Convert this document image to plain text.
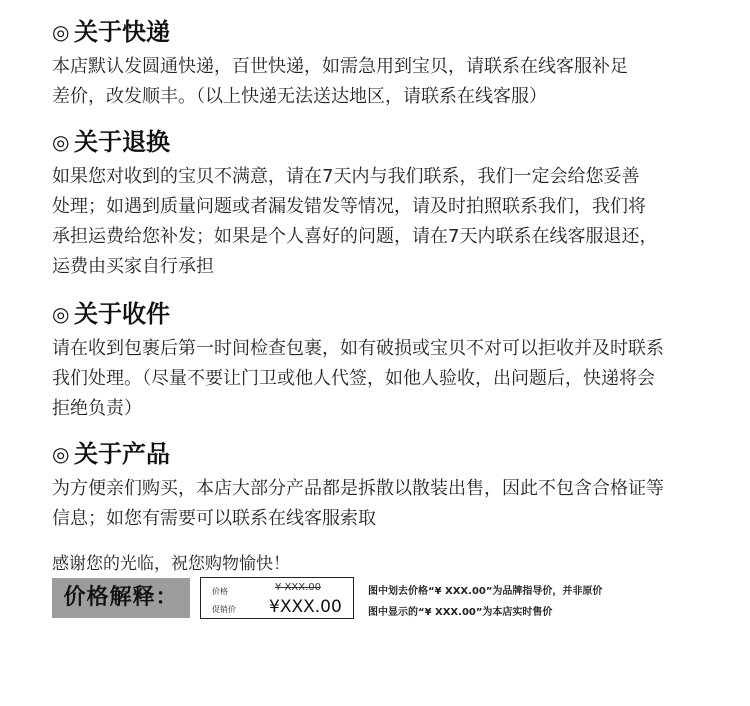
◎ 关于快递
本店默认发圆通快递，百世快递，如需急用到宝贝，请联系在线客服补足
差价，改发顺丰。（以上快递无法送达地区，请联系在线客服）
◎ 关于退换
如果您对收到的宝贝不满意，请在7天内与我们联系，我们一定会给您妥善
处理；如遇到质量问题或者漏发错发等情况，请及时拍照联系我们，我们将
承担运费给您补发；如果是个人喜好的问题，请在7天内联系在线客服退还，
运费由买家自行承担
◎ 关于收件
请在收到包裹后第一时间检查包裹，如有破损或宝贝不对可以拒收并及时联系
我们处理。（尽量不要让门卫或他人代签，如他人验收，出问题后，快递将会
拒绝负责）
◎ 关于产品
为方便亲们购买，本店大部分产品都是拆散以散装出售，因此不包含合格证等
信息；如您有需要可以联系在线客服索取
感谢您的光临，祝您购物愉快！
价格解释：	价格	¥ XXX.00
促销价 ¥XXX.00
图中划去价格“¥ XXX.00”为品牌指导价，并非原价
图中显示的“¥ XXX.00”为本店实时售价
